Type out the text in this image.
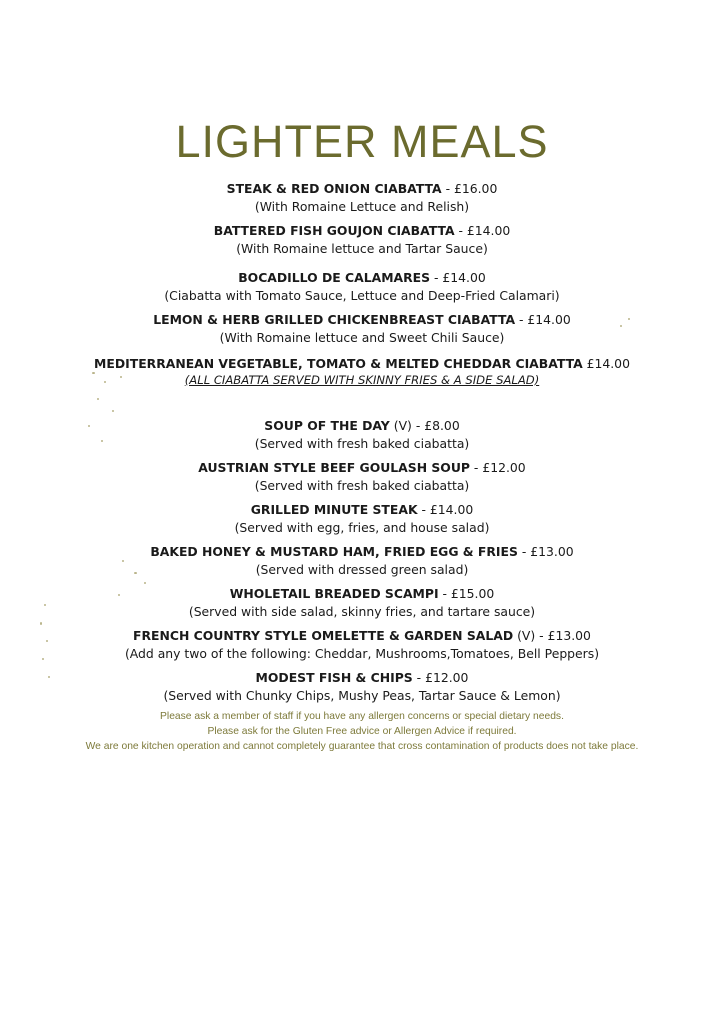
LIGHTER MEALS
STEAK & RED ONION CIABATTA - £16.00
(With Romaine Lettuce and Relish)
BATTERED FISH GOUJON CIABATTA - £14.00
(With Romaine lettuce and Tartar Sauce)
BOCADILLO DE CALAMARES - £14.00
(Ciabatta with Tomato Sauce, Lettuce and Deep-Fried Calamari)
LEMON & HERB GRILLED CHICKENBREAST CIABATTA - £14.00
(With Romaine lettuce and Sweet Chili Sauce)
MEDITERRANEAN VEGETABLE, TOMATO & MELTED CHEDDAR CIABATTA £14.00
(ALL CIABATTA SERVED WITH SKINNY FRIES & A SIDE SALAD)
SOUP OF THE DAY (V) - £8.00
(Served with fresh baked ciabatta)
AUSTRIAN STYLE BEEF GOULASH SOUP - £12.00
(Served with fresh baked ciabatta)
GRILLED MINUTE STEAK - £14.00
(Served with egg, fries, and house salad)
BAKED HONEY & MUSTARD HAM, FRIED EGG & FRIES - £13.00
(Served with dressed green salad)
WHOLETAIL BREADED SCAMPI - £15.00
(Served with side salad, skinny fries, and tartare sauce)
FRENCH COUNTRY STYLE OMELETTE & GARDEN SALAD (V) - £13.00
(Add any two of the following: Cheddar, Mushrooms,Tomatoes, Bell Peppers)
MODEST FISH & CHIPS - £12.00
(Served with Chunky Chips, Mushy Peas, Tartar Sauce & Lemon)
Please ask a member of staff if you have any allergen concerns or special dietary needs.
Please ask for the Gluten Free advice or Allergen Advice if required.
We are one kitchen operation and cannot completely guarantee that cross contamination of products does not take place.
